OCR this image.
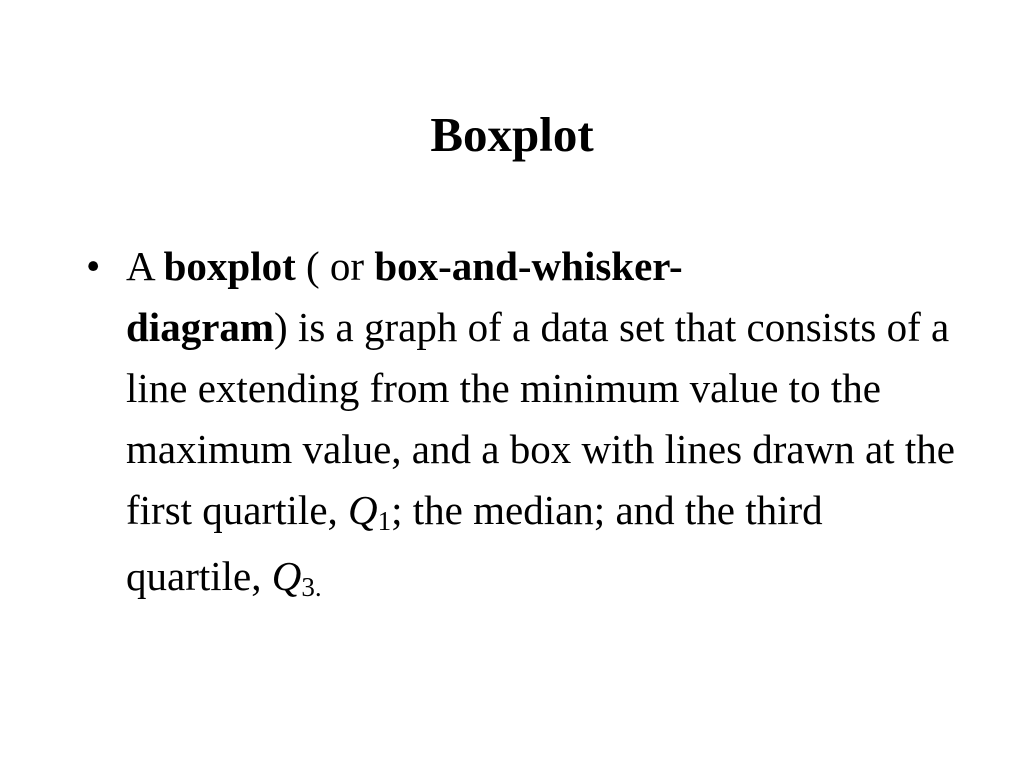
Boxplot
• A boxplot ( or box-and-whisker-
diagram) is a graph of a data set that consists of a line extending from the minimum value to the maximum value, and a box with lines drawn at the first quartile, Q1; the median; and the third quartile, Q3.
